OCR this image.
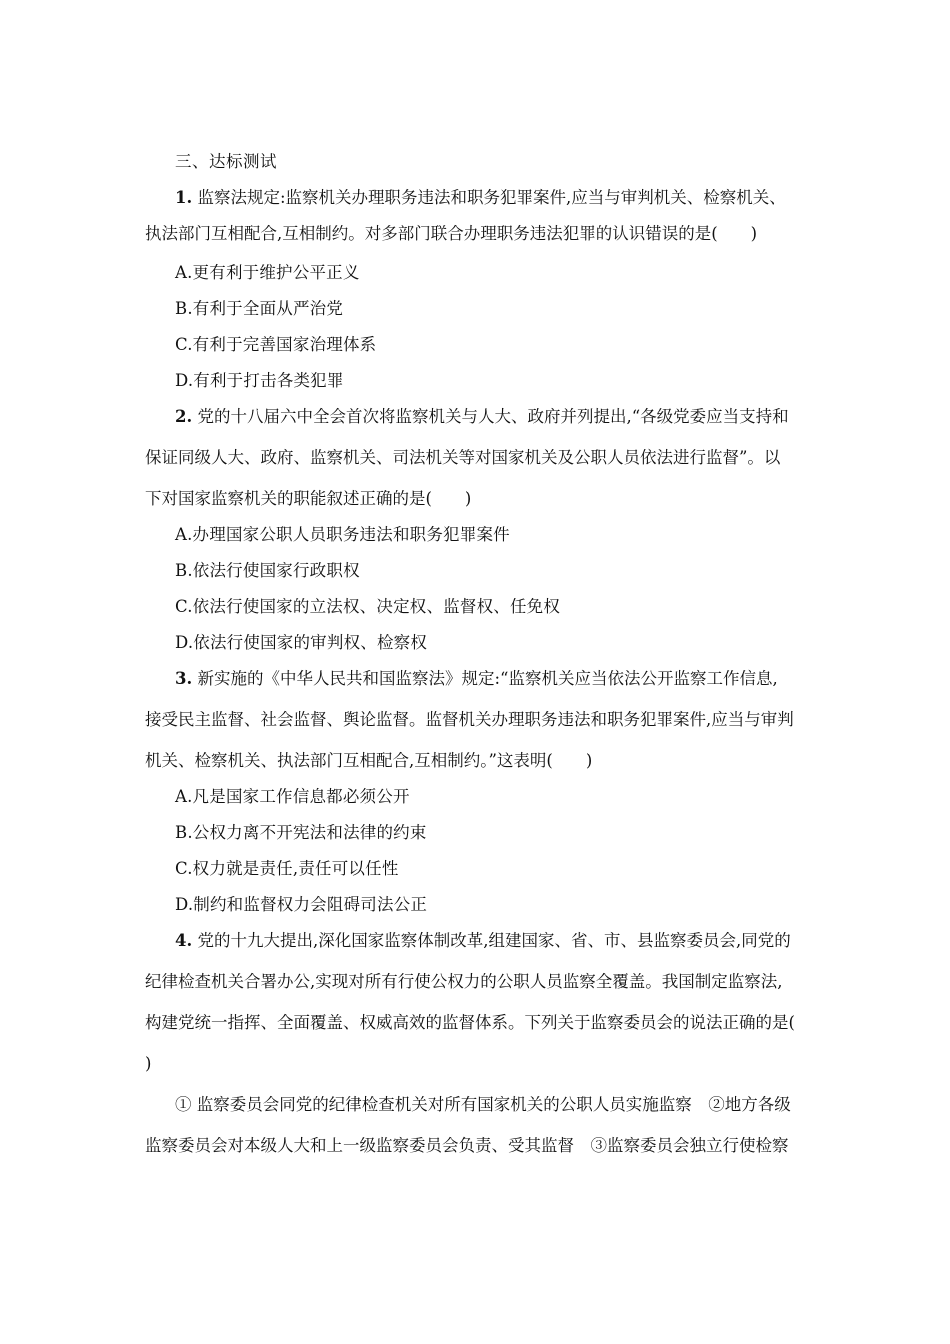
三、达标测试
1. 监察法规定:监察机关办理职务违法和职务犯罪案件,应当与审判机关、检察机关、
执法部门互相配合,互相制约。对多部门联合办理职务违法犯罪的认识错误的是(　　)
A.更有利于维护公平正义
B.有利于全面从严治党
C.有利于完善国家治理体系
D.有利于打击各类犯罪
2. 党的十八届六中全会首次将监察机关与人大、政府并列提出,“各级党委应当支持和
保证同级人大、政府、监察机关、司法机关等对国家机关及公职人员依法进行监督”。以
下对国家监察机关的职能叙述正确的是(　　)
A.办理国家公职人员职务违法和职务犯罪案件
B.依法行使国家行政职权
C.依法行使国家的立法权、决定权、监督权、任免权
D.依法行使国家的审判权、检察权
3. 新实施的《中华人民共和国监察法》规定:“监察机关应当依法公开监察工作信息,
接受民主监督、社会监督、舆论监督。监督机关办理职务违法和职务犯罪案件,应当与审判
机关、检察机关、执法部门互相配合,互相制约。”这表明(　　)
A.凡是国家工作信息都必须公开
B.公权力离不开宪法和法律的约束
C.权力就是责任,责任可以任性
D.制约和监督权力会阻碍司法公正
4. 党的十九大提出,深化国家监察体制改革,组建国家、省、市、县监察委员会,同党的
纪律检查机关合署办公,实现对所有行使公权力的公职人员监察全覆盖。我国制定监察法,
构建党统一指挥、全面覆盖、权威高效的监督体系。下列关于监察委员会的说法正确的是(
)
① 监察委员会同党的纪律检查机关对所有国家机关的公职人员实施监察　②地方各级
监察委员会对本级人大和上一级监察委员会负责、受其监督　③监察委员会独立行使检察
